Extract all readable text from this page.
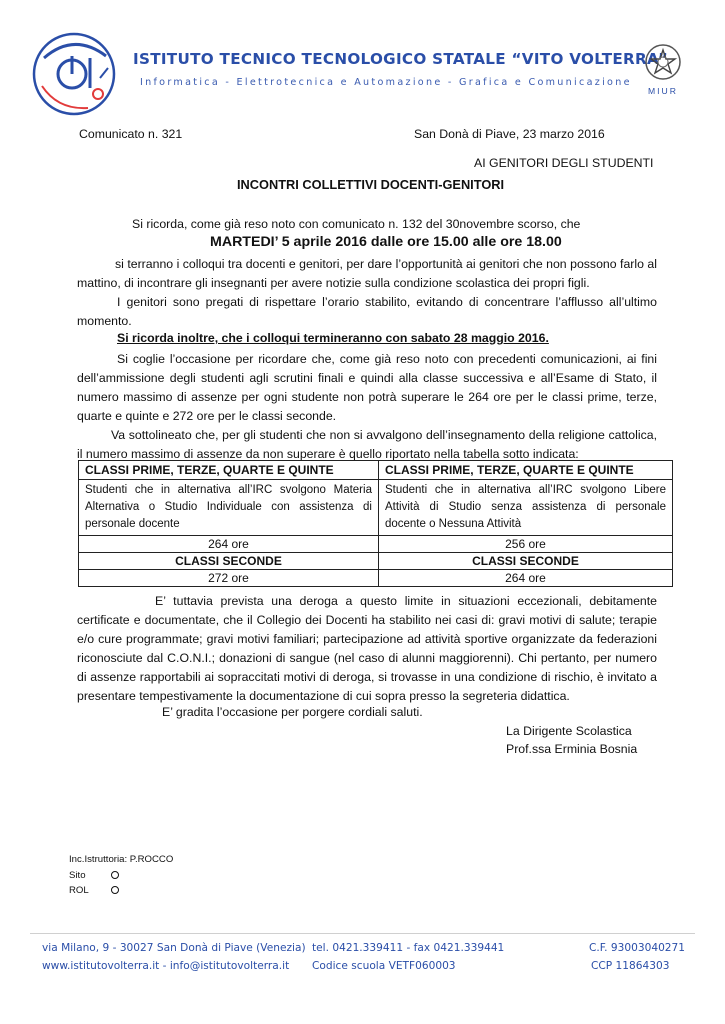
ISTITUTO TECNICO TECNOLOGICO STATALE “VITO VOLTERRA”
Informatica - Elettrotecnica e Automazione - Grafica e Comunicazione
MIUR
Comunicato n. 321	San Donà di Piave, 23 marzo 2016
AI GENITORI DEGLI STUDENTI
INCONTRI COLLETTIVI DOCENTI-GENITORI
Si ricorda, come già reso noto con comunicato n. 132 del 30novembre scorso, che
MARTEDI’ 5 aprile 2016 dalle ore 15.00 alle ore 18.00
si terranno i colloqui tra docenti e genitori, per dare l’opportunità ai genitori che non possono farlo al mattino, di incontrare gli insegnanti per avere notizie sulla condizione scolastica dei propri figli.
I genitori sono pregati di rispettare l’orario stabilito, evitando di concentrare l’afflusso all’ultimo momento.
Si ricorda inoltre, che i colloqui termineranno con sabato 28 maggio 2016.
Si coglie l’occasione per ricordare che, come già reso noto con precedenti comunicazioni, ai fini dell’ammissione degli studenti agli scrutini finali e quindi alla classe successiva e all’Esame di Stato, il numero massimo di assenze per ogni studente non potrà superare le 264 ore per le classi prime, terze, quarte e quinte e 272 ore per le classi seconde.
Va sottolineato che, per gli studenti che non si avvalgono dell’insegnamento della religione cattolica, il numero massimo di assenze da non superare è quello riportato nella tabella sotto indicata:
CLASSI PRIME, TERZE, QUARTE E QUINTE	CLASSI PRIME, TERZE, QUARTE E QUINTE
Studenti che in alternativa all’IRC svolgono Materia Alternativa o Studio Individuale con assistenza di personale docente	Studenti che in alternativa all’IRC svolgono Libere Attività di Studio senza assistenza di personale docente o Nessuna Attività
264 ore	256 ore
CLASSI SECONDE	CLASSI SECONDE
272 ore	264 ore
E’ tuttavia prevista una deroga a questo limite in situazioni eccezionali, debitamente certificate e documentate, che il Collegio dei Docenti ha stabilito nei casi di: gravi motivi di salute; terapie e/o cure programmate; gravi motivi familiari; partecipazione ad attività sportive organizzate da federazioni riconosciute dal C.O.N.I.; donazioni di sangue (nel caso di alunni maggiorenni). Chi pertanto, per numero di assenze rapportabili ai sopraccitati motivi di deroga, si trovasse in una condizione di rischio, è invitato a presentare tempestivamente la documentazione di cui sopra presso la segreteria didattica.
E’ gradita l’occasione per porgere cordiali saluti.
La Dirigente Scolastica
Prof.ssa Erminia Bosnia
Inc.Istruttoria: P.ROCCO
Sito
ROL
via Milano, 9 - 30027 San Donà di Piave (Venezia) tel. 0421.339411 - fax 0421.339441	C.F. 93003040271
www.istitutovolterra.it - info@istitutovolterra.it Codice scuola VETF060003	CCP 11864303
